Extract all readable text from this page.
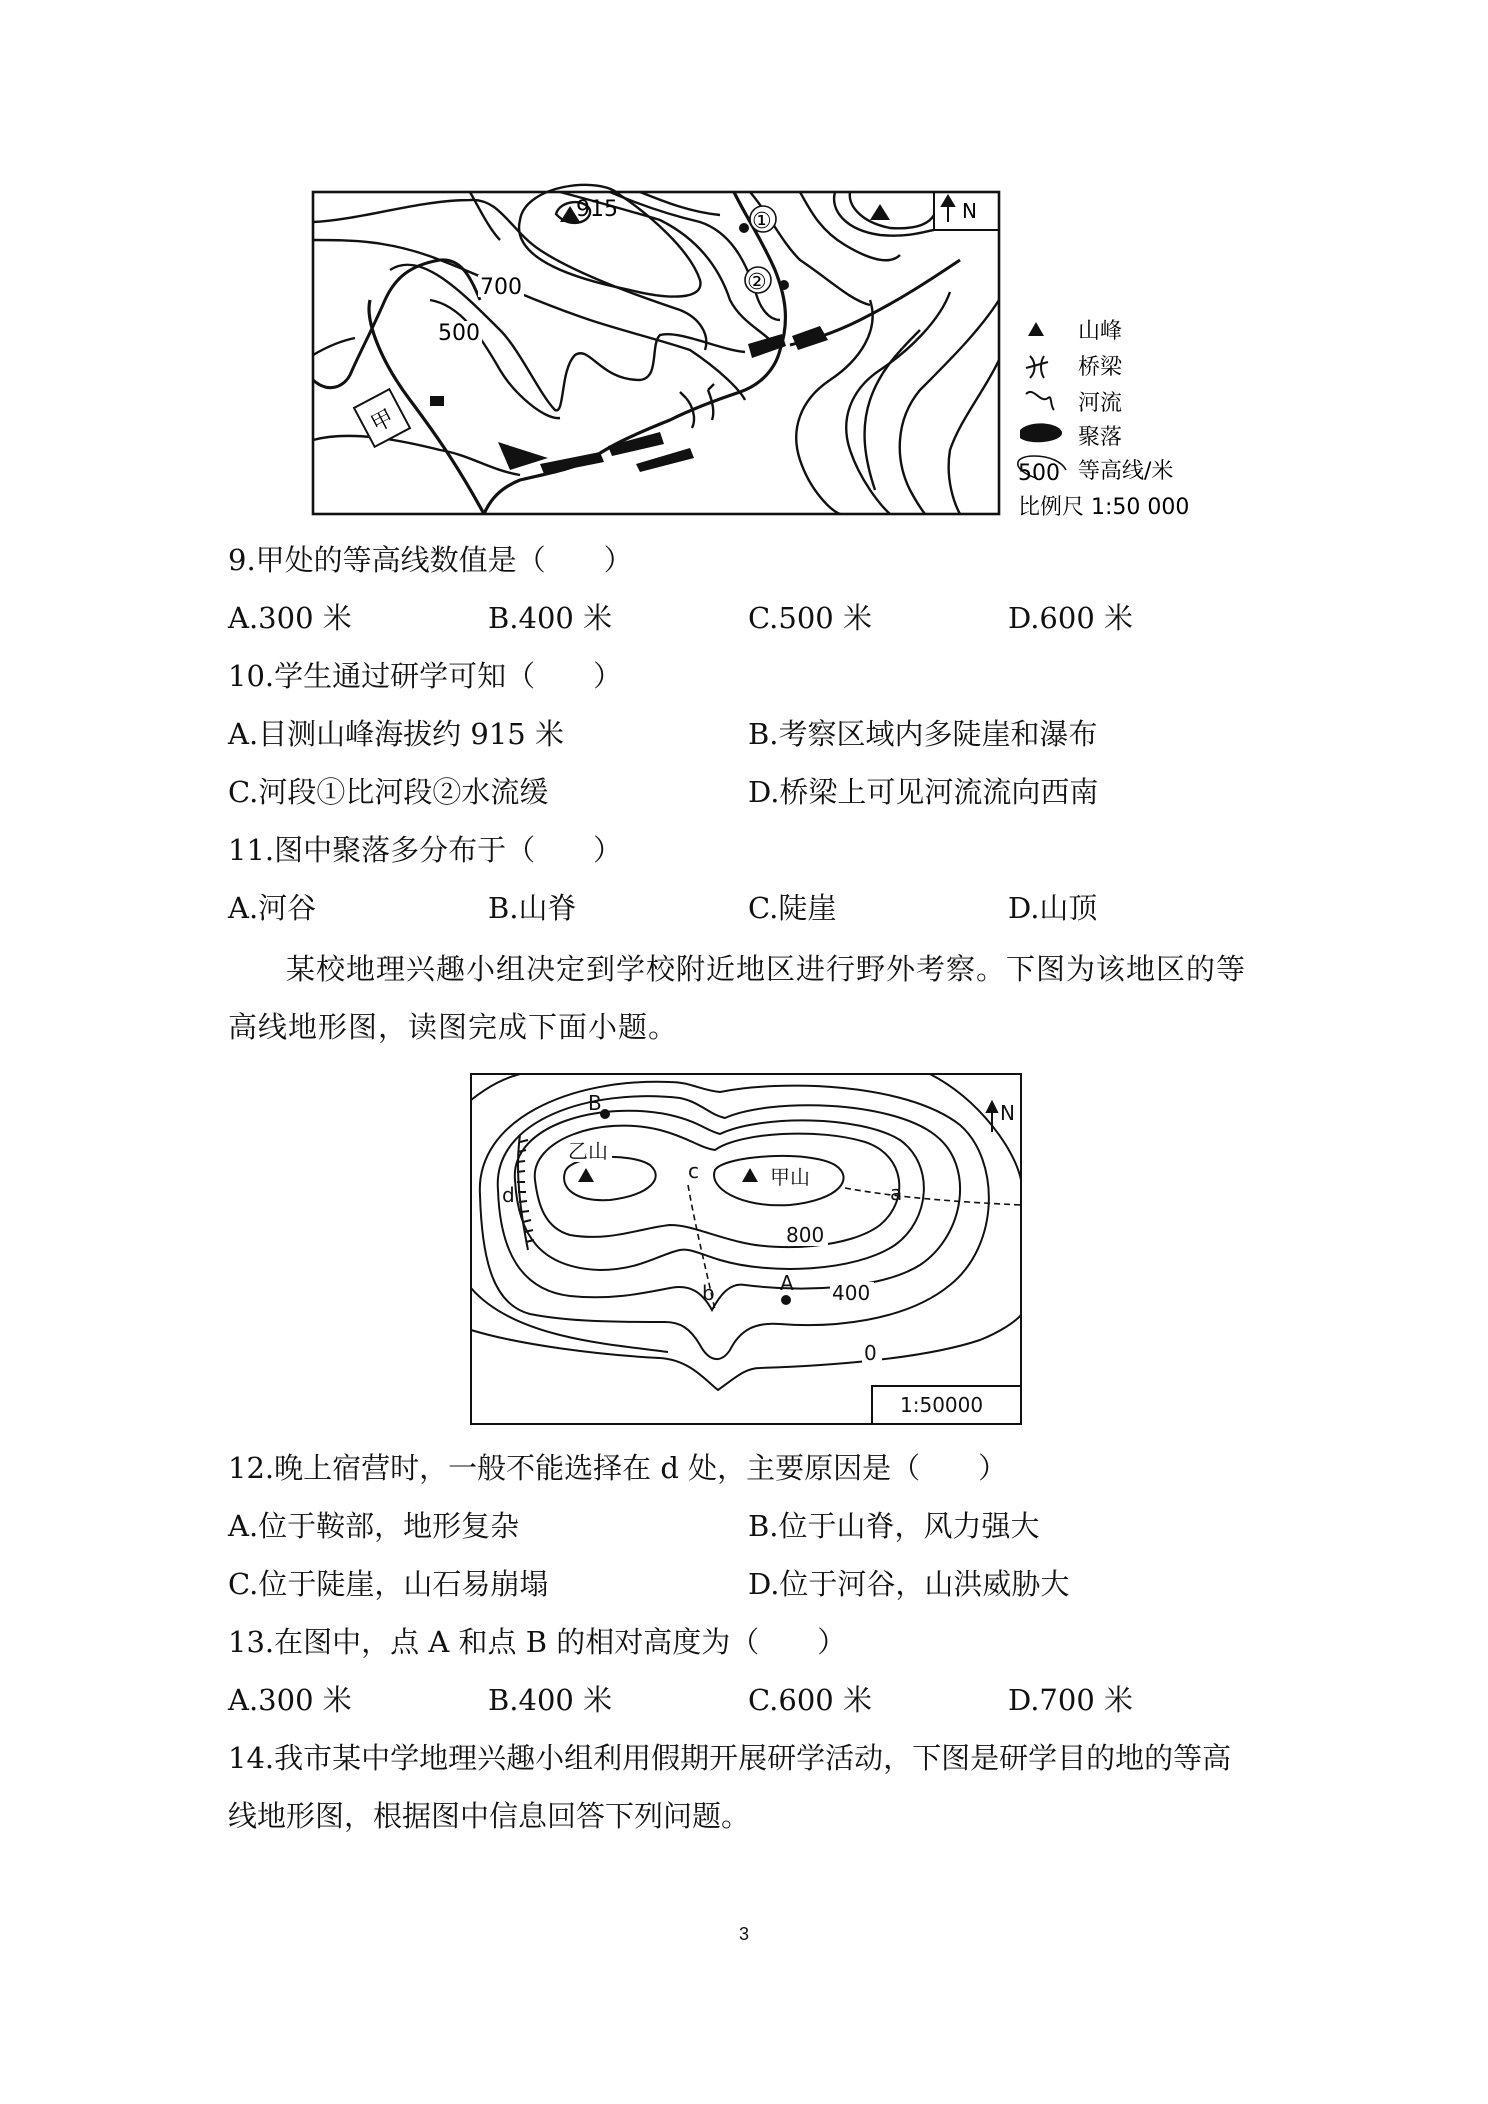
甲
①
②
915
700
500
N
山峰
桥梁
河流
聚落
500 等高线/米
比例尺 1:50 000
9.甲处的等高线数值是（　　）
A.300 米	B.400 米	C.500 米	D.600 米
10.学生通过研学可知（　　）
A.目测山峰海拔约 915 米	B.考察区域内多陡崖和瀑布
C.河段①比河段②水流缓	D.桥梁上可见河流流向西南
11.图中聚落多分布于（　　）
A.河谷	B.山脊	C.陡崖	D.山顶
某校地理兴趣小组决定到学校附近地区进行野外考察。下图为该地区的等高线地形图，读图完成下面小题。
B
乙山
c	甲山
a
d
800
A 400
b
0
N
1:50000
12.晚上宿营时，一般不能选择在 d 处，主要原因是（　　）
A.位于鞍部，地形复杂	B.位于山脊，风力强大
C.位于陡崖，山石易崩塌	D.位于河谷，山洪威胁大
13.在图中，点 A 和点 B 的相对高度为（　　）
A.300 米	B.400 米	C.600 米	D.700 米
14.我市某中学地理兴趣小组利用假期开展研学活动，下图是研学目的地的等高
线地形图，根据图中信息回答下列问题。
3
